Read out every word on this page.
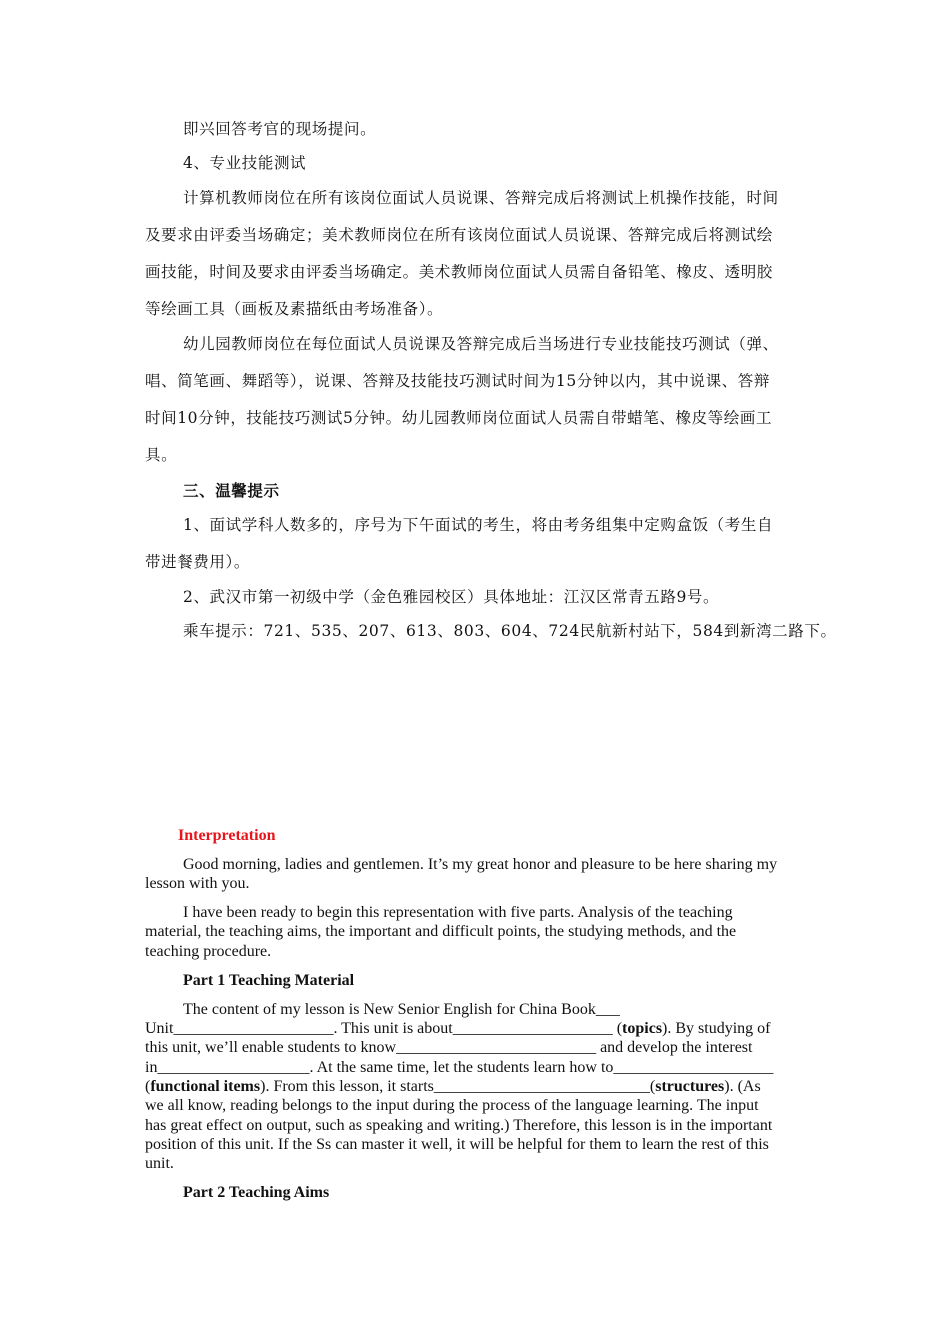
即兴回答考官的现场提问。
4、专业技能测试
计算机教师岗位在所有该岗位面试人员说课、答辩完成后将测试上机操作技能，时间
及要求由评委当场确定；美术教师岗位在所有该岗位面试人员说课、答辩完成后将测试绘
画技能，时间及要求由评委当场确定。美术教师岗位面试人员需自备铅笔、橡皮、透明胶
等绘画工具（画板及素描纸由考场准备）。
幼儿园教师岗位在每位面试人员说课及答辩完成后当场进行专业技能技巧测试（弹、
唱、简笔画、舞蹈等），说课、答辩及技能技巧测试时间为15分钟以内，其中说课、答辩
时间10分钟，技能技巧测试5分钟。幼儿园教师岗位面试人员需自带蜡笔、橡皮等绘画工
具。
三、温馨提示
1、面试学科人数多的，序号为下午面试的考生，将由考务组集中定购盒饭（考生自
带进餐费用）。
2、武汉市第一初级中学（金色雅园校区）具体地址：江汉区常青五路9号。
乘车提示：721、535、207、613、803、604、724民航新村站下，584到新湾二路下。
Interpretation
Good morning, ladies and gentlemen. It’s my great honor and pleasure to be here sharing my
lesson with you.
I have been ready to begin this representation with five parts. Analysis of the teaching
material, the teaching aims, the important and difficult points, the studying methods, and the
teaching procedure.
Part 1 Teaching Material
The content of my lesson is New Senior English for China Book___
Unit____________________. This unit is about____________________ (topics). By studying of
this unit, we’ll enable students to know_________________________ and develop the interest
in___________________. At the same time, let the students learn how to____________________
(functional items). From this lesson, it starts___________________________(structures). (As
we all know, reading belongs to the input during the process of the language learning. The input
has great effect on output, such as speaking and writing.) Therefore, this lesson is in the important
position of this unit. If the Ss can master it well, it will be helpful for them to learn the rest of this
unit.
Part 2 Teaching Aims
